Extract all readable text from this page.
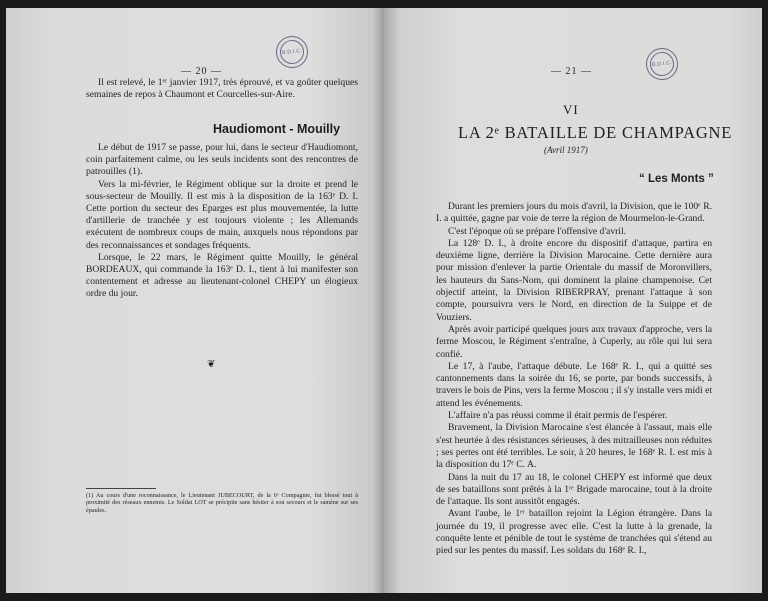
B.D.I.C.
— 20 —

Il est relevé, le 1ᵉʳ janvier 1917, très éprouvé, et va goûter quelques semaines de repos à Chaumont et Courcelles-sur-Aire.

Haudiomont - Mouilly

Le début de 1917 se passe, pour lui, dans le secteur d'Haudiomont, coin parfaitement calme, ou les seuls incidents sont des rencontres de patrouilles (1).

Vers la mi-février, le Régiment oblique sur la droite et prend le sous-secteur de Mouilly. Il est mis à la disposition de la 163ᵉ D. I. Cette portion du secteur des Eparges est plus mouvementée, la lutte d'artillerie de tranchée y est toujours violente ; les Allemands exécutent de nombreux coups de main, auxquels nous répondons par des reconnaissances et sondages fréquents.

Lorsque, le 22 mars, le Régiment quitte Mouilly, le général BORDEAUX, qui commande la 163ᵉ D. I., tient à lui manifester son contentement et adresse au lieutenant-colonel CHEPY un élogieux ordre du jour.

❦

(1) Au cours d'une reconnaissance, le Lieutenant JUBECOURT, de la 6ᵉ Compagnie, fut blessé tout à proximité des réseaux ennemis. Le Soldat LOT se précipite sans hésiter à son secours et le ramène sur ses épaules.

B.D.I.C.
— 21 —
VI
LA 2ᵉ BATAILLE DE CHAMPAGNE
(Avril 1917)
“ Les Monts ”

Durant les premiers jours du mois d'avril, la Division, que le 100ᵉ R. I. a quittée, gagne par voie de terre la région de Mourmelon-le-Grand.

C'est l'époque où se prépare l'offensive d'avril.

La 128ᵉ D. I., à droite encore du dispositif d'attaque, partira en deuxième ligne, derrière la Division Marocaine. Cette dernière aura pour mission d'enlever la partie Orientale du massif de Moronvillers, les hauteurs du Sans-Nom, qui dominent la plaine champenoise. Cet objectif atteint, la Division RIBERPRAY, prenant l'attaque à son compte, poursuivra vers le Nord, en direction de la Suippe et de Vouziers.

Après avoir participé quelques jours aux travaux d'approche, vers la ferme Moscou, le Régiment s'entraîne, à Cuperly, au rôle qui lui sera confié.

Le 17, à l'aube, l'attaque débute. Le 168ᵉ R. I., qui a quitté ses cantonnements dans la soirée du 16, se porte, par bonds successifs, à travers le bois de Pins, vers la ferme Moscou ; il s'y installe vers midi et attend les événements.

L'affaire n'a pas réussi comme il était permis de l'espérer.

Bravement, la Division Marocaine s'est élancée à l'assaut, mais elle s'est heurtée à des résistances sérieuses, à des mitrailleuses non réduites ; ses pertes ont été terribles. Le soir, à 20 heures, le 168ᵉ R. I. est mis à la disposition du 17ᵉ C. A.

Dans la nuit du 17 au 18, le colonel CHEPY est informé que deux de ses bataillons sont prêtés à la 1ʳᵉ Brigade marocaine, tout à la droite de l'attaque. Ils sont aussitôt engagés.

Avant l'aube, le 1ᵉʳ bataillon rejoint la Légion étrangère. Dans la journée du 19, il progresse avec elle. C'est la lutte à la grenade, la conquête lente et pénible de tout le système de tranchées qui s'étend au pied sur les pentes du massif. Les soldats du 168ᵉ R. I.,
